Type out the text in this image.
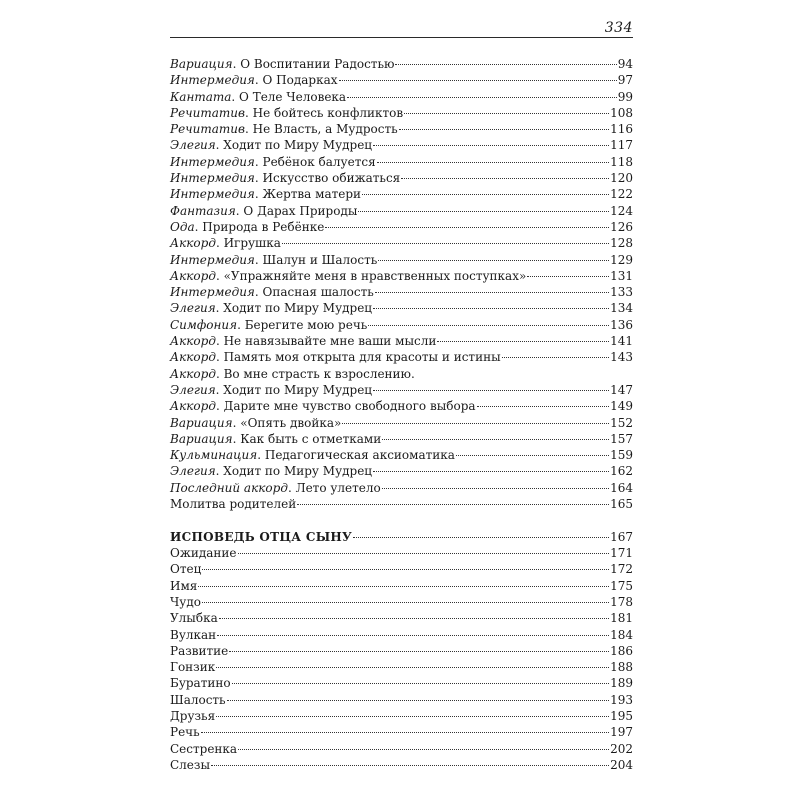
334
Вариация. О Воспитании Радостью	94
Интермедия. О Подарках	97
Кантата. О Теле Человека	99
Речитатив. Не бойтесь конфликтов	108
Речитатив. Не Власть, а Мудрость	116
Элегия. Ходит по Миру Мудрец	117
Интермедия. Ребёнок балуется	118
Интермедия. Искусство обижаться	120
Интермедия. Жертва матери	122
Фантазия. О Дарах Природы	124
Ода. Природа в Ребёнке	126
Аккорд. Игрушка	128
Интермедия. Шалун и Шалость	129
Аккорд. «Упражняйте меня в нравственных поступках»	131
Интермедия. Опасная шалость	133
Элегия. Ходит по Миру Мудрец	134
Симфония. Берегите мою речь	136
Аккорд. Не навязывайте мне ваши мысли	141
Аккорд. Память моя открыта для красоты и истины	143
Аккорд. Во мне страсть к взрослению.
Элегия. Ходит по Миру Мудрец	147
Аккорд. Дарите мне чувство свободного выбора	149
Вариация. «Опять двойка»	152
Вариация. Как быть с отметками	157
Кульминация. Педагогическая аксиоматика	159
Элегия. Ходит по Миру Мудрец	162
Последний аккорд. Лето улетело	164
Молитва родителей	165
ИСПОВЕДЬ ОТЦА СЫНУ	167
Ожидание	171
Отец	172
Имя	175
Чудо	178
Улыбка	181
Вулкан	184
Развитие	186
Гонзик	188
Буратино	189
Шалость	193
Друзья	195
Речь	197
Сестренка	202
Слезы	204
